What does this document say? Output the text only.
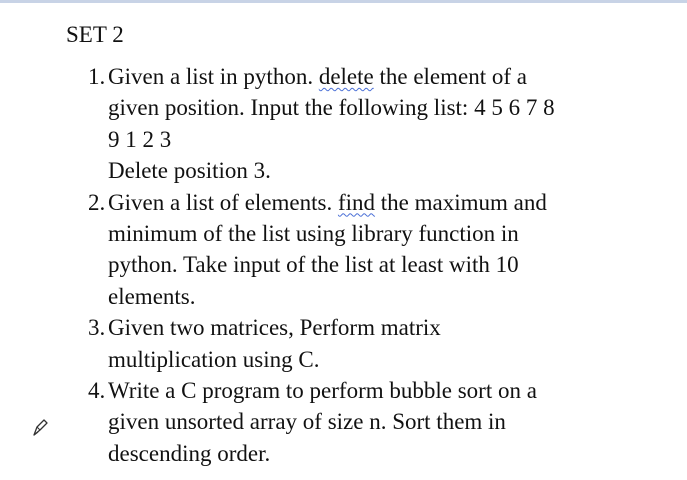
SET 2
1. Given a list in python. delete the element of a
given position. Input the following list: 4 5 6 7 8
9 1 2 3
Delete position 3.
2. Given a list of elements. find the maximum and
minimum of the list using library function in
python. Take input of the list at least with 10
elements.
3. Given two matrices, Perform matrix
multiplication using C.
4. Write a C program to perform bubble sort on a
given unsorted array of size n. Sort them in
descending order.
